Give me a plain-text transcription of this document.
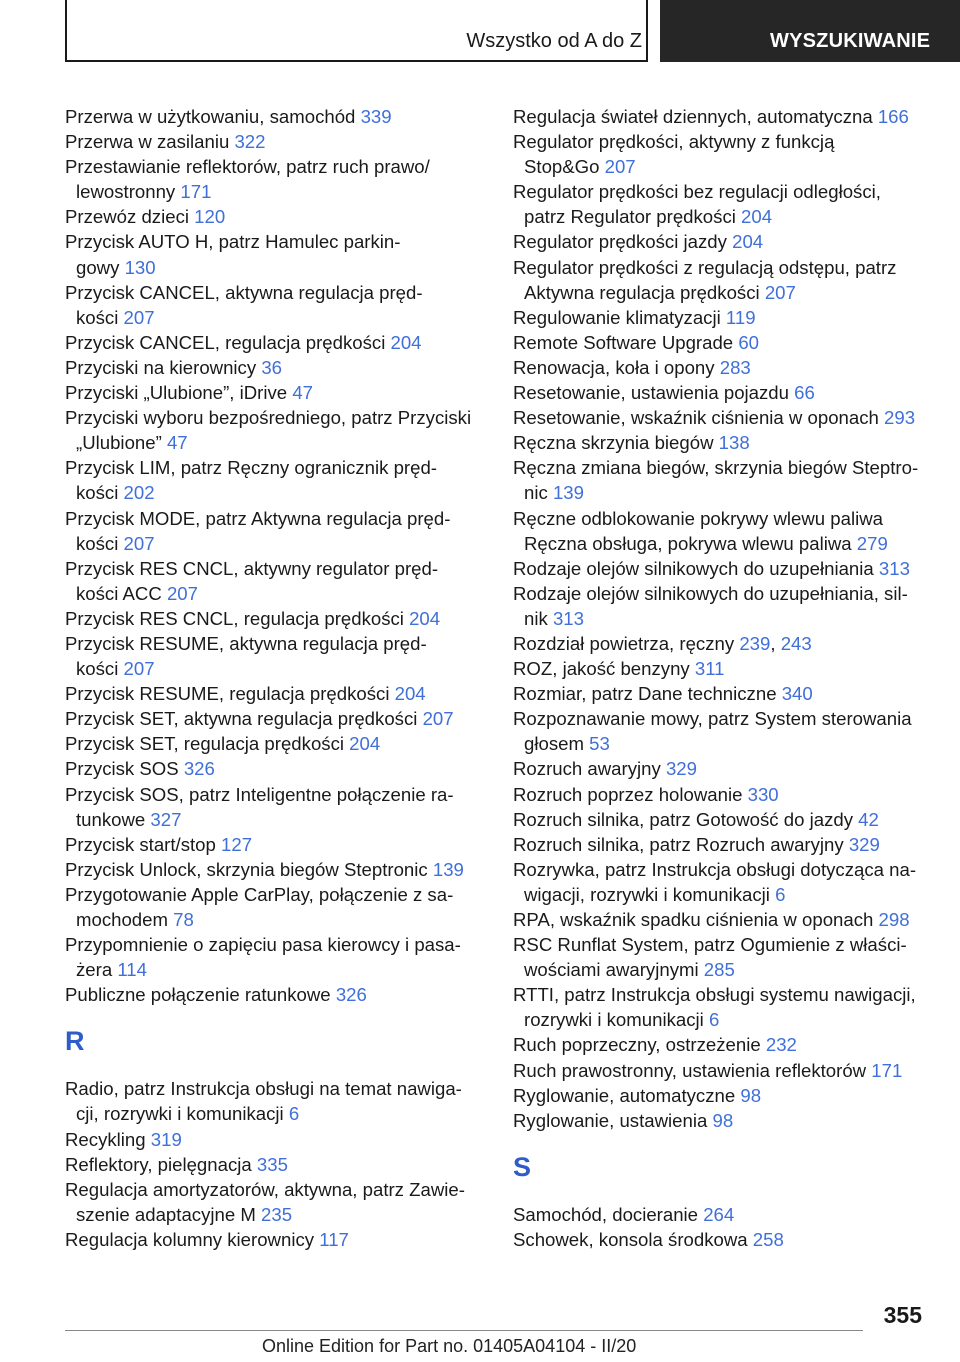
Wszystko od A do Z	WYSZUKIWANIE
Przerwa w użytkowaniu, samochód 339
Przerwa w zasilaniu 322
Przestawianie reflektorów, patrz ruch prawo/
lewostronny 171
Przewóz dzieci 120
Przycisk AUTO H, patrz Hamulec parkin-
gowy 130
Przycisk CANCEL, aktywna regulacja pręd-
kości 207
Przycisk CANCEL, regulacja prędkości 204
Przyciski na kierownicy 36
Przyciski „Ulubione”, iDrive 47
Przyciski wyboru bezpośredniego, patrz Przyciski
„Ulubione” 47
Przycisk LIM, patrz Ręczny ogranicznik pręd-
kości 202
Przycisk MODE, patrz Aktywna regulacja pręd-
kości 207
Przycisk RES CNCL, aktywny regulator pręd-
kości ACC 207
Przycisk RES CNCL, regulacja prędkości 204
Przycisk RESUME, aktywna regulacja pręd-
kości 207
Przycisk RESUME, regulacja prędkości 204
Przycisk SET, aktywna regulacja prędkości 207
Przycisk SET, regulacja prędkości 204
Przycisk SOS 326
Przycisk SOS, patrz Inteligentne połączenie ra-
tunkowe 327
Przycisk start/stop 127
Przycisk Unlock, skrzynia biegów Steptronic 139
Przygotowanie Apple CarPlay, połączenie z sa-
mochodem 78
Przypomnienie o zapięciu pasa kierowcy i pasa-
żera 114
Publiczne połączenie ratunkowe 326
R
Radio, patrz Instrukcja obsługi na temat nawiga-
cji, rozrywki i komunikacji 6
Recykling 319
Reflektory, pielęgnacja 335
Regulacja amortyzatorów, aktywna, patrz Zawie-
szenie adaptacyjne M 235
Regulacja kolumny kierownicy 117
Regulacja świateł dziennych, automatyczna 166
Regulator prędkości, aktywny z funkcją
Stop&Go 207
Regulator prędkości bez regulacji odległości,
patrz Regulator prędkości 204
Regulator prędkości jazdy 204
Regulator prędkości z regulacją odstępu, patrz
Aktywna regulacja prędkości 207
Regulowanie klimatyzacji 119
Remote Software Upgrade 60
Renowacja, koła i opony 283
Resetowanie, ustawienia pojazdu 66
Resetowanie, wskaźnik ciśnienia w oponach 293
Ręczna skrzynia biegów 138
Ręczna zmiana biegów, skrzynia biegów Steptro-
nic 139
Ręczne odblokowanie pokrywy wlewu paliwa
Ręczna obsługa, pokrywa wlewu paliwa 279
Rodzaje olejów silnikowych do uzupełniania 313
Rodzaje olejów silnikowych do uzupełniania, sil-
nik 313
Rozdział powietrza, ręczny 239, 243
ROZ, jakość benzyny 311
Rozmiar, patrz Dane techniczne 340
Rozpoznawanie mowy, patrz System sterowania
głosem 53
Rozruch awaryjny 329
Rozruch poprzez holowanie 330
Rozruch silnika, patrz Gotowość do jazdy 42
Rozruch silnika, patrz Rozruch awaryjny 329
Rozrywka, patrz Instrukcja obsługi dotycząca na-
wigacji, rozrywki i komunikacji 6
RPA, wskaźnik spadku ciśnienia w oponach 298
RSC Runflat System, patrz Ogumienie z właści-
wościami awaryjnymi 285
RTTI, patrz Instrukcja obsługi systemu nawigacji,
rozrywki i komunikacji 6
Ruch poprzeczny, ostrzeżenie 232
Ruch prawostronny, ustawienia reflektorów 171
Ryglowanie, automatyczne 98
Ryglowanie, ustawienia 98
S
Samochód, docieranie 264
Schowek, konsola środkowa 258
355
Online Edition for Part no. 01405A04104 - II/20
